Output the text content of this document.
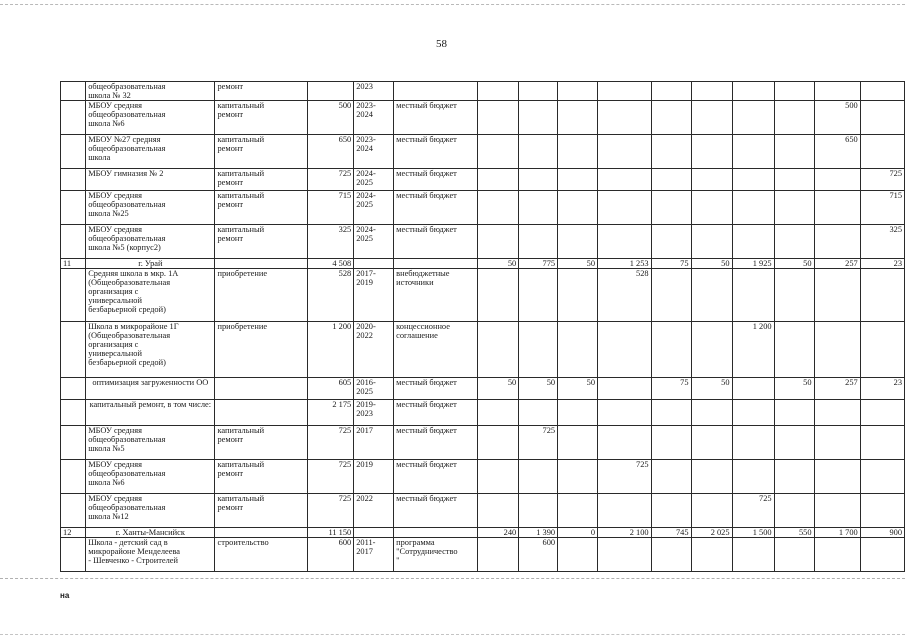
58
	общеобразовательная
школа № 32	ремонт		2023											
	МБОУ средняя
общеобразовательная
школа №6	капитальный
ремонт	500	2023-
2024	местный бюджет									500	
	МБОУ №27 средняя
общеобразовательная
школа	капитальный
ремонт	650	2023-
2024	местный бюджет									650	
	МБОУ гимназия № 2	капитальный
ремонт	725	2024-
2025	местный бюджет										725
	МБОУ средняя
общеобразовательная
школа №25	капитальный
ремонт	715	2024-
2025	местный бюджет										715
	МБОУ средняя
общеобразовательная
школа №5 (корпус2)	капитальный
ремонт	325	2024-
2025	местный бюджет										325
11	г. Урай		4 508			50	775	50	1 253	75	50	1 925	50	257	23
	Средняя школа в мкр. 1А
(Общеобразовательная
организация с
универсальной
безбарьерной средой)	приобретение	528	2017-
2019	внебюджетные
источники				528						
	Школа в микрорайоне 1Г
(Общеобразовательная
организация с
универсальной
безбарьерной средой)	приобретение	1 200	2020-
2022	концессионное
соглашение							1 200			
	оптимизация загруженности ОО		605	2016-
2025	местный бюджет	50	50	50		75	50		50	257	23
	капитальный ремонт, в том числе:		2 175	2019-
2023	местный бюджет										
	МБОУ средняя
общеобразовательная
школа №5	капитальный
ремонт	725	2017	местный бюджет		725								
	МБОУ средняя
общеобразовательная
школа №6	капитальный
ремонт	725	2019	местный бюджет				725						
	МБОУ средняя
общеобразовательная
школа №12	капитальный
ремонт	725	2022	местный бюджет							725			
12	г. Ханты-Мансийск		11 150			240	1 390	0	2 100	745	2 025	1 500	550	1 700	900
	Школа - детский сад в
микрорайоне Менделеева
- Шевченко - Строителей	строительство	600	2011-
2017	программа
"Сотрудничество
"		600								
на
